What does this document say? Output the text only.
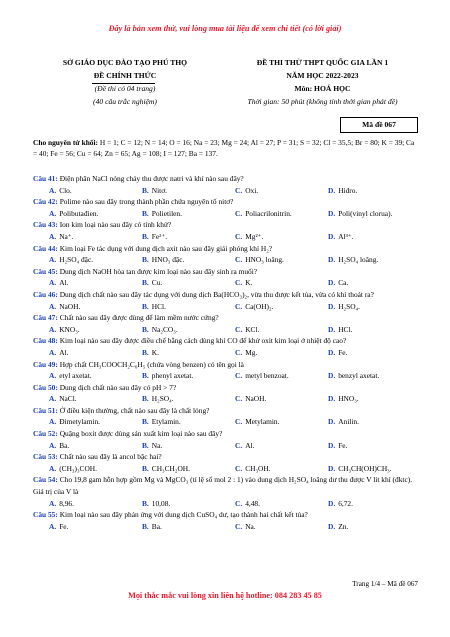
Đây là bản xem thử, vui lòng mua tài liệu để xem chi tiết (có lời giải)
SỞ GIÁO DỤC ĐÀO TẠO PHÚ THỌ
ĐỀ CHÍNH THỨC
(Đề thi có 04 trang)
(40 câu trắc nghiệm)
ĐỀ THI THỬ THPT QUỐC GIA LẦN 1
NĂM HỌC 2022-2023
Môn: HOÁ HỌC
Thời gian: 50 phút (không tính thời gian phát đề)
Mã đề 067
Cho nguyên tử khối: H = 1; C = 12; N = 14; O = 16; Na = 23; Mg = 24; Al = 27; P = 31; S = 32; Cl = 35,5; Br = 80; K = 39; Ca = 40; Fe = 56; Cu = 64; Zn = 65; Ag = 108; I = 127; Ba = 137.

Câu 41: Điện phân NaCl nóng chảy thu được natri và khí nào sau đây?

A. Clo.	B. Nitơ.	C. Oxi.	D. Hiđro.

Câu 42: Polime nào sau đây trong thành phần chứa nguyên tố nitơ?

A. Polibutađien.	B. Polietilen.	C. Poliacrilonitrin.	D. Poli(vinyl clorua).

Câu 43: Ion kim loại nào sau đây có tính khử?

A. Na⁺.	B. Fe²⁺.	C. Mg²⁺.	D. Al³⁺.

Câu 44: Kim loại Fe tác dụng với dung dịch axit nào sau đây giải phóng khí H₂?

A. H₂SO₄ đặc.	B. HNO₃ đặc.	C. HNO₃ loãng.	D. H₂SO₄ loãng.

Câu 45: Dung dịch NaOH hòa tan được kim loại nào sau đây sinh ra muối?

A. Al.	B. Cu.	C. K.	D. Ca.

Câu 46: Dung dịch chất nào sau đây tác dụng với dung dịch Ba(HCO₃)₂, vừa thu được kết tủa, vừa có khí thoát ra?

A. NaOH.	B. HCl.	C. Ca(OH)₂.	D. H₂SO₄.

Câu 47: Chất nào sau đây được dùng để làm mềm nước cứng?

A. KNO₃.	B. Na₂CO₃.	C. KCl.	D. HCl.

Câu 48: Kim loại nào sau đây được điều chế bằng cách dùng khí CO để khử oxit kim loại ở nhiệt độ cao?

A. Al.	B. K.	C. Mg.	D. Fe.

Câu 49: Hợp chất CH₃COOCH₂C₆H₅ (chứa vòng benzen) có tên gọi là

A. etyl axetat.	B. phenyl axetat.	C. metyl benzoat.	D. benzyl axetat.

Câu 50: Dung dịch chất nào sau đây có pH > 7?

A. NaCl.	B. H₂SO₄.	C. NaOH.	D. HNO₃.

Câu 51: Ở điều kiện thường, chất nào sau đây là chất lỏng?

A. Đimetylamin.	B. Etylamin.	C. Metylamin.	D. Anilin.

Câu 52: Quặng boxit được dùng sản xuất kim loại nào sau đây?

A. Ba.	B. Na.	C. Al.	D. Fe.

Câu 53: Chất nào sau đây là ancol bậc hai?

A. (CH₃)₃COH.	B. CH₃CH₂OH.	C. CH₃OH.	D. CH₃CH(OH)CH₃.

Câu 54: Cho 19,8 gam hỗn hợp gồm Mg và MgCO₃ (tỉ lệ số mol 2 : 1) vào dung dịch H₂SO₄ loãng dư thu được V lít khí (đktc). Giá trị của V là

A. 8,96.	B. 10,08.	C. 4,48.	D. 6,72.

Câu 55: Kim loại nào sau đây phản ứng với dung dịch CuSO₄ dư, tạo thành hai chất kết tủa?

A. Fe.	B. Ba.	C. Na.	D. Zn.
Trang 1/4 – Mã đề 067
Mọi thắc mắc vui lòng xin liên hệ hotline: 084 283 45 85
